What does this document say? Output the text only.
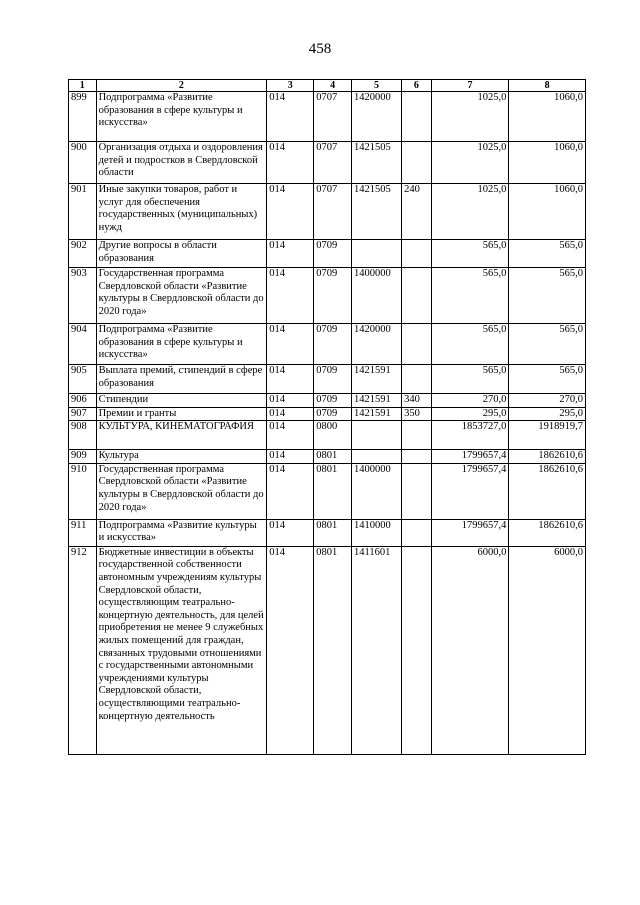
458
1	2	3	4	5	6	7	8
899	Подпрограмма «Развитие образования в сфере культуры и искусства»	014	0707	1420000		1025,0	1060,0
900	Организация отдыха и оздоровления детей и подростков в Свердловской области	014	0707	1421505		1025,0	1060,0
901	Иные закупки товаров, работ и услуг для обеспечения государственных (муниципальных) нужд	014	0707	1421505	240	1025,0	1060,0
902	Другие вопросы в области образования	014	0709			565,0	565,0
903	Государственная программа Свердловской области «Развитие культуры в Свердловской области до 2020 года»	014	0709	1400000		565,0	565,0
904	Подпрограмма «Развитие образования в сфере культуры и искусства»	014	0709	1420000		565,0	565,0
905	Выплата премий, стипендий в сфере образования	014	0709	1421591		565,0	565,0
906	Стипендии	014	0709	1421591	340	270,0	270,0
907	Премии и гранты	014	0709	1421591	350	295,0	295,0
908	КУЛЬТУРА, КИНЕМАТОГРАФИЯ	014	0800			1853727,0	1918919,7
909	Культура	014	0801			1799657,4	1862610,6
910	Государственная программа Свердловской области «Развитие культуры в Свердловской области до 2020 года»	014	0801	1400000		1799657,4	1862610,6
911	Подпрограмма «Развитие культуры и искусства»	014	0801	1410000		1799657,4	1862610,6
912	Бюджетные инвестиции в объекты государственной собственности автономным учреждениям культуры Свердловской области, осуществляющим театрально-концертную деятельность, для целей приобретения не менее 9 служебных жилых помещений для граждан, связанных трудовыми отношениями с государственными автономными учреждениями культуры Свердловской области, осуществляющими театрально-концертную деятельность	014	0801	1411601		6000,0	6000,0
